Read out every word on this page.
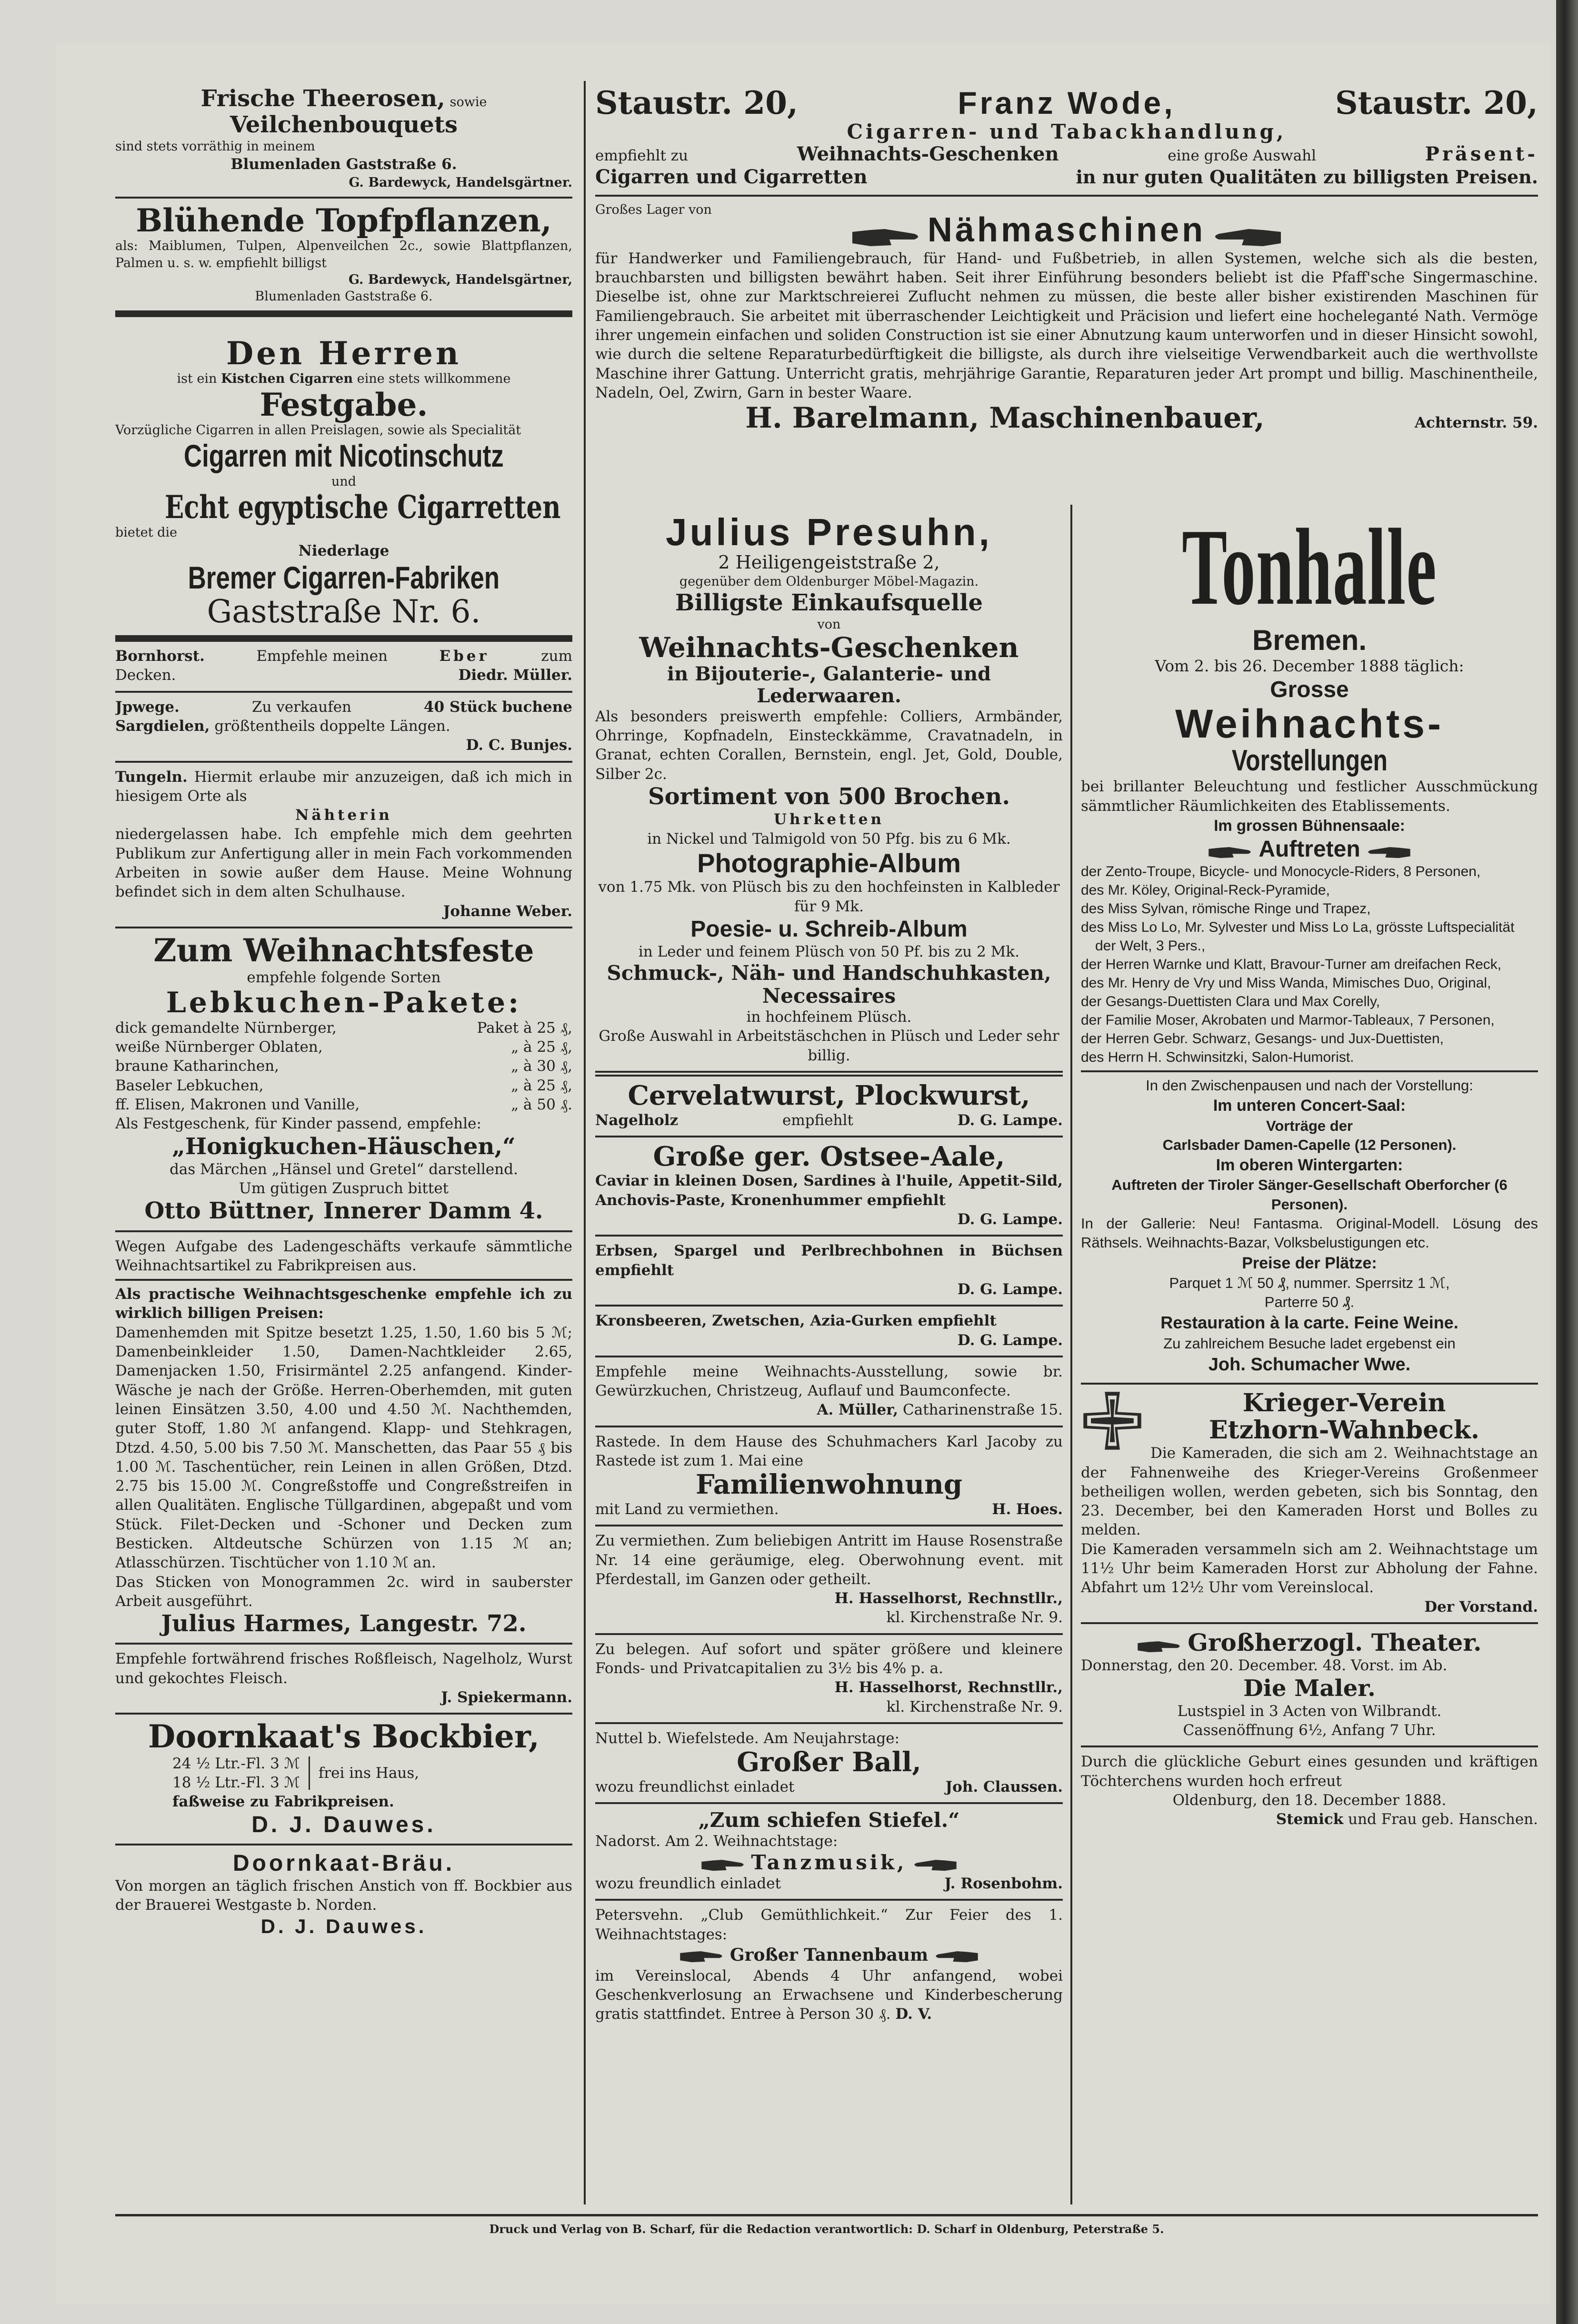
Frische Theerosen, sowie Veilchenbouquets
sind stets vorräthig in meinem
Blumenladen Gaststraße 6.
G. Bardewyck, Handelsgärtner.
Blühende Topfpflanzen,
als: Maiblumen, Tulpen, Alpenveilchen 2c., sowie Blattpflanzen, Palmen u. s. w. empfiehlt billigst
G. Bardewyck, Handelsgärtner,
Blumenladen Gaststraße 6.
Den Herren
ist ein Kistchen Cigarren eine stets willkommene
Festgabe.
Vorzügliche Cigarren in allen Preislagen, sowie als Specialität
Cigarren mit Nicotinschutz
und
Echt egyptische Cigarretten
bietet die
Niederlage
Bremer Cigarren-Fabriken
Gaststraße Nr. 6.
Bornhorst.	Empfehle meinen	Eber	zum
Decken.	Diedr. Müller.
Jpwege.	Zu verkaufen	40 Stück buchene
Sargdielen, größtentheils doppelte Längen.
D. C. Bunjes.
Tungeln. Hiermit erlaube mir anzuzeigen, daß ich mich in hiesigem Orte als
Nähterin
niedergelassen habe. Ich empfehle mich dem geehrten Publikum zur Anfertigung aller in mein Fach vorkommenden Arbeiten in sowie außer dem Hause. Meine Wohnung befindet sich in dem alten Schulhause.
Johanne Weber.
Zum Weihnachtsfeste
empfehle folgende Sorten
Lebkuchen-Pakete:
dick gemandelte Nürnberger,	Paket à 25 ₰,
weiße Nürnberger Oblaten,	„ à 25 ₰,
braune Katharinchen,	„ à 30 ₰,
Baseler Lebkuchen,	„ à 25 ₰,
ff. Elisen, Makronen und Vanille,	„ à 50 ₰.
Als Festgeschenk, für Kinder passend, empfehle:
„Honigkuchen-Häuschen,“
das Märchen „Hänsel und Gretel“ darstellend.
Um gütigen Zuspruch bittet
Otto Büttner, Innerer Damm 4.
Wegen Aufgabe des Ladengeschäfts verkaufe sämmtliche Weihnachtsartikel zu Fabrikpreisen aus.
Als practische Weihnachtsgeschenke empfehle ich zu wirklich billigen Preisen:
Damenhemden mit Spitze besetzt 1.25, 1.50, 1.60 bis 5 ℳ; Damenbeinkleider 1.50, Damen-Nachtkleider 2.65, Damenjacken 1.50, Frisirmäntel 2.25 anfangend. Kinder-Wäsche je nach der Größe. Herren-Oberhemden, mit guten leinen Einsätzen 3.50, 4.00 und 4.50 ℳ. Nachthemden, guter Stoff, 1.80 ℳ anfangend. Klapp- und Stehkragen, Dtzd. 4.50, 5.00 bis 7.50 ℳ. Manschetten, das Paar 55 ₰ bis 1.00 ℳ. Taschentücher, rein Leinen in allen Größen, Dtzd. 2.75 bis 15.00 ℳ. Congreßstoffe und Congreßstreifen in allen Qualitäten. Englische Tüllgardinen, abgepaßt und vom Stück. Filet-Decken und -Schoner und Decken zum Besticken. Altdeutsche Schürzen von 1.15 ℳ an; Atlasschürzen. Tischtücher von 1.10 ℳ an.
Das Sticken von Monogrammen 2c. wird in sauberster Arbeit ausgeführt.
Julius Harmes, Langestr. 72.
Empfehle fortwährend frisches Roßfleisch, Nagelholz, Wurst und gekochtes Fleisch.
J. Spiekermann.
Doornkaat's Bockbier,
24 ½ Ltr.-Fl. 3 ℳ
18 ½ Ltr.-Fl. 3 ℳ
frei ins Haus,
faßweise zu Fabrikpreisen.
D. J. Dauwes.
Doornkaat-Bräu.
Von morgen an täglich frischen Anstich von ff. Bockbier aus der Brauerei Westgaste b. Norden.
D. J. Dauwes.
Staustr. 20,	Franz Wode,	Staustr. 20,
Cigarren- und Tabackhandlung,
empfiehlt zu	Weihnachts-Geschenken	eine große Auswahl	Präsent-
Cigarren und Cigarretten	in nur guten Qualitäten zu billigsten Preisen.
Großes Lager von
Nähmaschinen
für Handwerker und Familiengebrauch, für Hand- und Fußbetrieb, in allen Systemen, welche sich als die besten, brauchbarsten und billigsten bewährt haben. Seit ihrer Einführung besonders beliebt ist die Pfaff'sche Singermaschine. Dieselbe ist, ohne zur Marktschreierei Zuflucht nehmen zu müssen, die beste aller bisher existirenden Maschinen für Familiengebrauch. Sie arbeitet mit überraschender Leichtigkeit und Präcision und liefert eine hocheleganté Nath. Vermöge ihrer ungemein einfachen und soliden Construction ist sie einer Abnutzung kaum unterworfen und in dieser Hinsicht sowohl, wie durch die seltene Reparaturbedürftigkeit die billigste, als durch ihre vielseitige Verwendbarkeit auch die werthvollste Maschine ihrer Gattung. Unterricht gratis, mehrjährige Garantie, Reparaturen jeder Art prompt und billig. Maschinentheile, Nadeln, Oel, Zwirn, Garn in bester Waare.
H. Barelmann, Maschinenbauer,	Achternstr. 59.
Julius Presuhn,
2 Heiligengeiststraße 2,
gegenüber dem Oldenburger Möbel-Magazin.
Billigste Einkaufsquelle
von
Weihnachts-Geschenken
in Bijouterie-, Galanterie- und Lederwaaren.
Als besonders preiswerth empfehle: Colliers, Armbänder, Ohrringe, Kopfnadeln, Einsteckkämme, Cravatnadeln, in Granat, echten Corallen, Bernstein, engl. Jet, Gold, Double, Silber 2c.
Sortiment von 500 Brochen.
Uhrketten
in Nickel und Talmigold von 50 Pfg. bis zu 6 Mk.
Photographie-Album
von 1.75 Mk. von Plüsch bis zu den hochfeinsten in Kalbleder für 9 Mk.
Poesie- u. Schreib-Album
in Leder und feinem Plüsch von 50 Pf. bis zu 2 Mk.
Schmuck-, Näh- und Handschuhkasten,
Necessaires
in hochfeinem Plüsch.
Große Auswahl in Arbeitstäschchen in Plüsch und Leder sehr billig.
Cervelatwurst, Plockwurst,
Nagelholz	empfiehlt	D. G. Lampe.
Große ger. Ostsee-Aale,
Caviar in kleinen Dosen, Sardines à l'huile, Appetit-Sild, Anchovis-Paste, Kronenhummer empfiehlt
D. G. Lampe.
Erbsen, Spargel und Perlbrechbohnen in Büchsen empfiehlt
D. G. Lampe.
Kronsbeeren, Zwetschen, Azia-Gurken empfiehlt
D. G. Lampe.
Empfehle meine Weihnachts-Ausstellung, sowie br. Gewürzkuchen, Christzeug, Auflauf und Baumconfecte.
A. Müller, Catharinenstraße 15.
Rastede. In dem Hause des Schuhmachers Karl Jacoby zu Rastede ist zum 1. Mai eine
Familienwohnung
mit Land zu vermiethen.	H. Hoes.
Zu vermiethen. Zum beliebigen Antritt im Hause Rosenstraße Nr. 14 eine geräumige, eleg. Oberwohnung event. mit Pferdestall, im Ganzen oder getheilt.
H. Hasselhorst, Rechnstllr.,
kl. Kirchenstraße Nr. 9.
Zu belegen. Auf sofort und später größere und kleinere Fonds- und Privatcapitalien zu 3½ bis 4% p. a.
H. Hasselhorst, Rechnstllr.,
kl. Kirchenstraße Nr. 9.
Nuttel b. Wiefelstede. Am Neujahrstage:
Großer Ball,
wozu freundlichst einladet	Joh. Claussen.
„Zum schiefen Stiefel.“
Nadorst. Am 2. Weihnachtstage:
Tanzmusik,
wozu freundlich einladet	J. Rosenbohm.
Petersvehn. „Club Gemüthlichkeit.“ Zur Feier des 1. Weihnachtstages:
Großer Tannenbaum
im Vereinslocal, Abends 4 Uhr anfangend, wobei Geschenkverlosung an Erwachsene und Kinderbescherung gratis stattfindet. Entree à Person 30 ₰. D. V.
Tonhalle
Bremen.
Vom 2. bis 26. December 1888 täglich:
Grosse
Weihnachts-
Vorstellungen
bei brillanter Beleuchtung und festlicher Ausschmückung sämmtlicher Räumlichkeiten des Etablissements.
Im grossen Bühnensaale:
Auftreten
der Zento-Troupe, Bicycle- und Monocycle-Riders, 8 Personen,
des Mr. Köley, Original-Reck-Pyramide,
des Miss Sylvan, römische Ringe und Trapez,
des Miss Lo Lo, Mr. Sylvester und Miss Lo La, grösste Luftspecialität der Welt, 3 Pers.,
der Herren Warnke und Klatt, Bravour-Turner am dreifachen Reck,
des Mr. Henry de Vry und Miss Wanda, Mimisches Duo, Original,
der Gesangs-Duettisten Clara und Max Corelly,
der Familie Moser, Akrobaten und Marmor-Tableaux, 7 Personen,
der Herren Gebr. Schwarz, Gesangs- und Jux-Duettisten,
des Herrn H. Schwinsitzki, Salon-Humorist.
In den Zwischenpausen und nach der Vorstellung:
Im unteren Concert-Saal:
Vorträge der
Carlsbader Damen-Capelle (12 Personen).
Im oberen Wintergarten:
Auftreten der Tiroler Sänger-Gesellschaft Oberforcher (6 Personen).
In der Gallerie: Neu! Fantasma. Original-Modell. Lösung des Räthsels. Weihnachts-Bazar, Volksbelustigungen etc.
Preise der Plätze:
Parquet 1 ℳ 50 ₰, nummer. Sperrsitz 1 ℳ,
Parterre 50 ₰.
Restauration à la carte. Feine Weine.
Zu zahlreichem Besuche ladet ergebenst ein
Joh. Schumacher Wwe.
Krieger-Verein
Etzhorn-Wahnbeck.
Die Kameraden, die sich am 2. Weihnachtstage an der Fahnenweihe des Krieger-Vereins Großenmeer betheiligen wollen, werden gebeten, sich bis Sonntag, den 23. December, bei den Kameraden Horst und Bolles zu melden.
Die Kameraden versammeln sich am 2. Weihnachtstage um 11½ Uhr beim Kameraden Horst zur Abholung der Fahne. Abfahrt um 12½ Uhr vom Vereinslocal.
Der Vorstand.
Großherzogl. Theater.
Donnerstag, den 20. December. 48. Vorst. im Ab.
Die Maler.
Lustspiel in 3 Acten von Wilbrandt.
Cassenöffnung 6½, Anfang 7 Uhr.
Durch die glückliche Geburt eines gesunden und kräftigen Töchterchens wurden hoch erfreut
Oldenburg, den 18. December 1888.
Stemick und Frau geb. Hanschen.
Druck und Verlag von B. Scharf, für die Redaction verantwortlich: D. Scharf in Oldenburg, Peterstraße 5.
